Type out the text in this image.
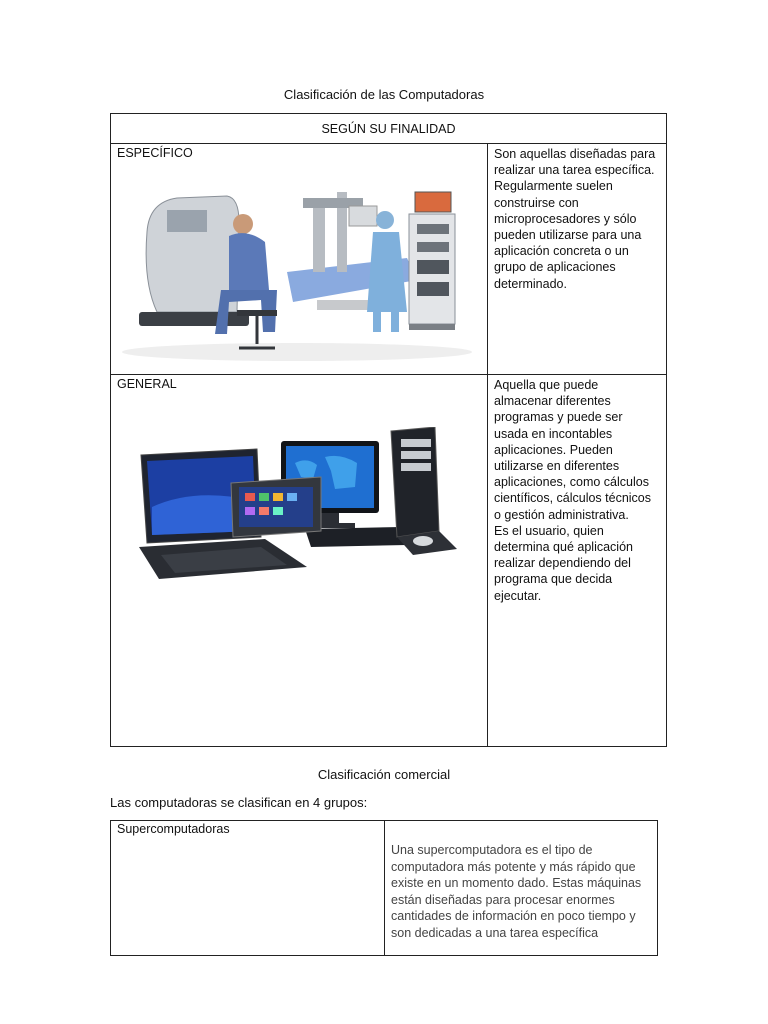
Clasificación de las Computadoras
SEGÚN SU FINALIDAD	

ESPECÍFICO	Son aquellas diseñadas para realizar una tarea específica. Regularmente suelen construirse con microprocesadores y sólo pueden utilizarse para una aplicación concreta o un grupo de aplicaciones determinado.

GENERAL	Aquella que puede almacenar diferentes programas y puede ser usada en incontables aplicaciones. Pueden utilizarse en diferentes aplicaciones, como cálculos científicos, cálculos técnicos o gestión administrativa.
Es el usuario, quien determina qué aplicación realizar dependiendo del programa que decida ejecutar.
Clasificación comercial
Las computadoras se clasifican en 4 grupos:
Supercomputadoras	Una supercomputadora es el tipo de computadora más potente y más rápido que existe en un momento dado. Estas máquinas están diseñadas para procesar enormes cantidades de información en poco tiempo y son dedicadas a una tarea específica
